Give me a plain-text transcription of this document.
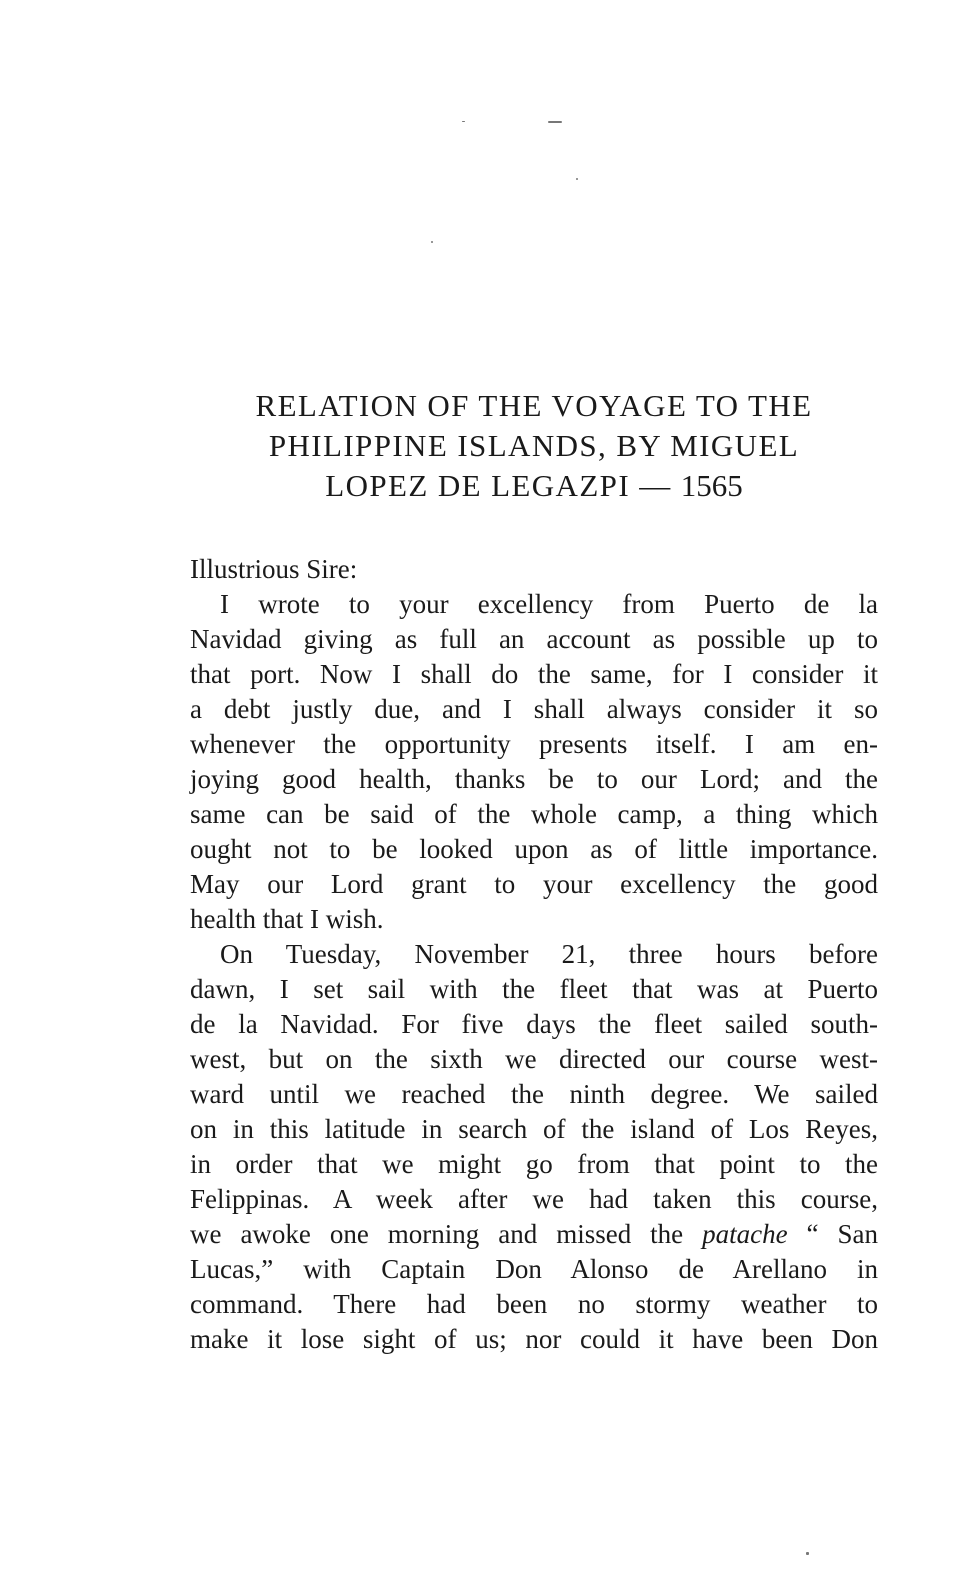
RELATION OF THE VOYAGE TO THE
PHILIPPINE ISLANDS, BY MIGUEL
LOPEZ DE LEGAZPI — 1565
Illustrious Sire:
I wrote to your excellency from Puerto de la
Navidad giving as full an account as possible up to
that port. Now I shall do the same, for I consider it
a debt justly due, and I shall always consider it so
whenever the opportunity presents itself. I am en-
joying good health, thanks be to our Lord; and the
same can be said of the whole camp, a thing which
ought not to be looked upon as of little importance.
May our Lord grant to your excellency the good
health that I wish.
On Tuesday, November 21, three hours before
dawn, I set sail with the fleet that was at Puerto
de la Navidad. For five days the fleet sailed south-
west, but on the sixth we directed our course west-
ward until we reached the ninth degree. We sailed
on in this latitude in search of the island of Los Reyes,
in order that we might go from that point to the
Felippinas. A week after we had taken this course,
we awoke one morning and missed the patache “ San
Lucas,” with Captain Don Alonso de Arellano in
command. There had been no stormy weather to
make it lose sight of us; nor could it have been Don
